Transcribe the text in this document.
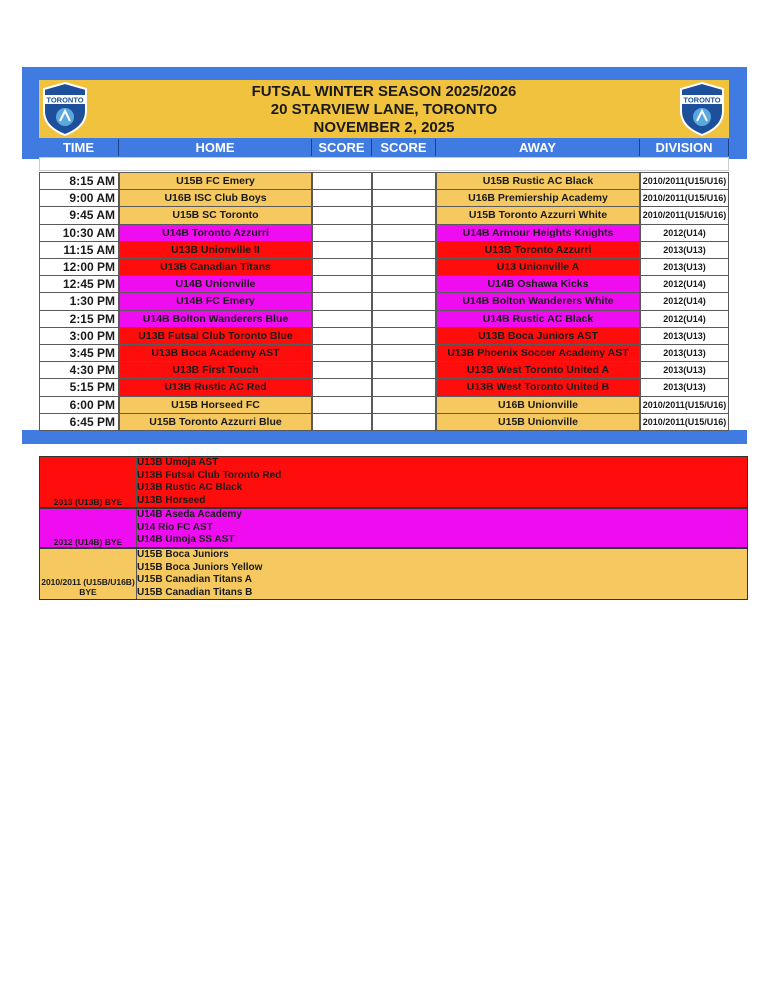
FUTSAL WINTER SEASON 2025/2026
20 STARVIEW LANE, TORONTO
NOVEMBER 2, 2025
TORONTO	TORONTO
TIME	HOME	SCORE	SCORE	AWAY	DIVISION
8:15 AM	U15B FC Emery	U15B Rustic AC Black	2010/2011(U15/U16)
9:00 AM	U16B ISC Club Boys	U16B Premiership Academy	2010/2011(U15/U16)
9:45 AM	U15B SC Toronto	U15B Toronto Azzurri White	2010/2011(U15/U16)
10:30 AM	U14B Toronto Azzurri	U14B Armour Heights Knights	2012(U14)
11:15 AM	U13B Unionville II	U13B Toronto Azzurri	2013(U13)
12:00 PM	U13B Canadian Titans	U13 Unionville A	2013(U13)
12:45 PM	U14B Unionville	U14B Oshawa Kicks	2012(U14)
1:30 PM	U14B FC Emery	U14B Bolton Wanderers White	2012(U14)
2:15 PM	U14B Bolton Wanderers Blue	U14B Rustic AC Black	2012(U14)
3:00 PM	U13B Futsal Club Toronto Blue	U13B Boca Juniors AST	2013(U13)
3:45 PM	U13B Boca Academy AST	U13B Phoenix Soccer Academy AST	2013(U13)
4:30 PM	U13B First Touch	U13B West Toronto United A	2013(U13)
5:15 PM	U13B Rustic AC Red	U13B West Toronto United B	2013(U13)
6:00 PM	U15B Horseed FC	U16B Unionville	2010/2011(U15/U16)
6:45 PM	U15B Toronto Azzurri Blue	U15B Unionville	2010/2011(U15/U16)
2013 (U13B) BYE
U13B Umoja AST
U13B Futsal Club Toronto Red
U13B Rustic AC Black
U13B Horseed
2012 (U14B) BYE
U14B Aseda Academy
U14 Rio FC AST
U14B Umoja SS AST
2010/2011 (U15B/U16B) BYE
U15B Boca Juniors
U15B Boca Juniors Yellow
U15B Canadian Titans A
U15B Canadian Titans B
